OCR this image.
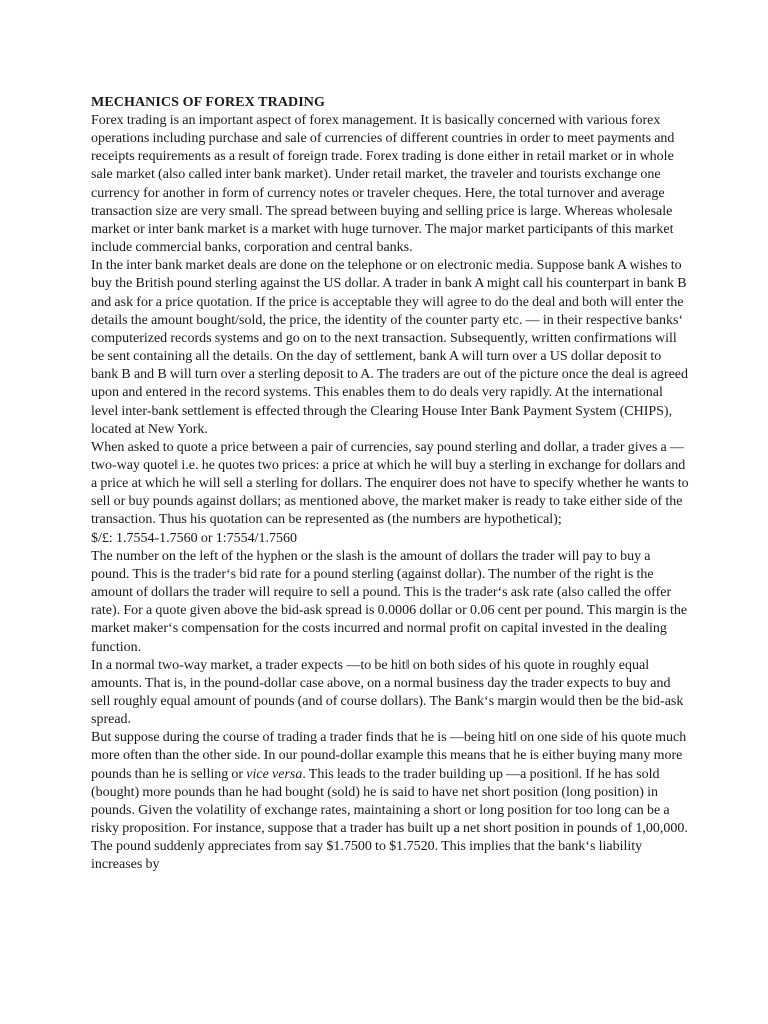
MECHANICS OF FOREX TRADING

Forex trading is an important aspect of forex management. It is basically concerned with various forex operations including purchase and sale of currencies of different countries in order to meet payments and receipts requirements as a result of foreign trade. Forex trading is done either in retail market or in whole sale market (also called inter bank market). Under retail market, the traveler and tourists exchange one currency for another in form of currency notes or traveler cheques. Here, the total turnover and average transaction size are very small. The spread between buying and selling price is large. Whereas wholesale market or inter bank market is a market with huge turnover. The major market participants of this market include commercial banks, corporation and central banks.

In the inter bank market deals are done on the telephone or on electronic media. Suppose bank A wishes to buy the British pound sterling against the US dollar. A trader in bank A might call his counterpart in bank B and ask for a price quotation. If the price is acceptable they will agree to do the deal and both will enter the details the amount bought/sold, the price, the identity of the counter party etc. — in their respective banks‘ computerized records systems and go on to the next transaction. Subsequently, written confirmations will be sent containing all the details. On the day of settlement, bank A will turn over a US dollar deposit to bank B and B will turn over a sterling deposit to A. The traders are out of the picture once the deal is agreed upon and entered in the record systems. This enables them to do deals very rapidly. At the international level inter-bank settlement is effected through the Clearing House Inter Bank Payment System (CHIPS), located at New York.

When asked to quote a price between a pair of currencies, say pound sterling and dollar, a trader gives a —two-way quote‖ i.e. he quotes two prices: a price at which he will buy a sterling in exchange for dollars and a price at which he will sell a sterling for dollars. The enquirer does not have to specify whether he wants to sell or buy pounds against dollars; as mentioned above, the market maker is ready to take either side of the transaction. Thus his quotation can be represented as (the numbers are hypothetical);

$/£: 1.7554-1.7560 or 1:7554/1.7560

The number on the left of the hyphen or the slash is the amount of dollars the trader will pay to buy a pound. This is the trader‘s bid rate for a pound sterling (against dollar). The number of the right is the amount of dollars the trader will require to sell a pound. This is the trader‘s ask rate (also called the offer rate). For a quote given above the bid-ask spread is 0.0006 dollar or 0.06 cent per pound. This margin is the market maker‘s compensation for the costs incurred and normal profit on capital invested in the dealing function.

In a normal two-way market, a trader expects —to be hit‖ on both sides of his quote in roughly equal amounts. That is, in the pound-dollar case above, on a normal business day the trader expects to buy and sell roughly equal amount of pounds (and of course dollars). The Bank‘s margin would then be the bid-ask spread.

But suppose during the course of trading a trader finds that he is —being hit‖ on one side of his quote much more often than the other side. In our pound-dollar example this means that he is either buying many more pounds than he is selling or vice versa. This leads to the trader building up —a position‖. If he has sold (bought) more pounds than he had bought (sold) he is said to have net short position (long position) in pounds. Given the volatility of exchange rates, maintaining a short or long position for too long can be a risky proposition. For instance, suppose that a trader has built up a net short position in pounds of 1,00,000. The pound suddenly appreciates from say $1.7500 to $1.7520. This implies that the bank‘s liability increases by
